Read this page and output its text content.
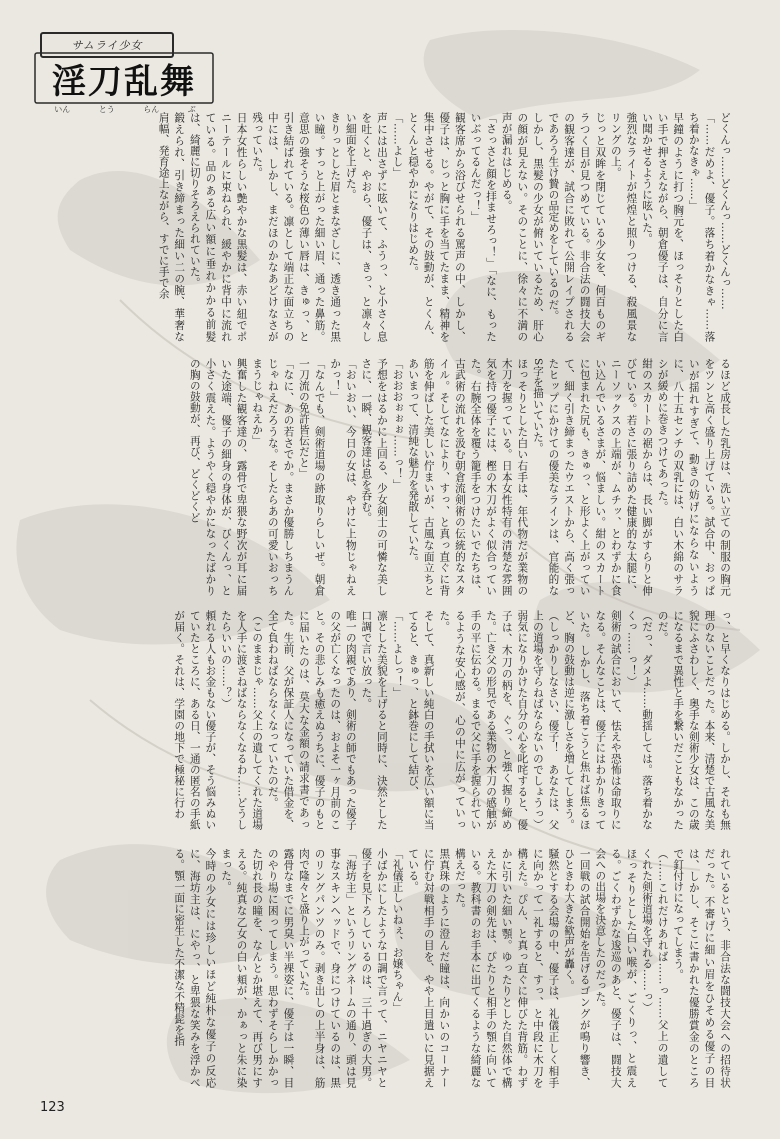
サムライ少女
淫刀乱舞
いん	とう	らん	ぶ

どくんっ……どくんっ……どくんっ……
「……だめよ、優子。落ち着かなきゃ……落ち着かなきゃ……」
早鐘のように打つ胸元を、ほっそりとした白い手で押さえながら、朝倉優子は、自分に言い聞かせるように呟いた。
強烈なライトが煌煌と照りつける、殺風景なリングの上。
じっと双眸を閉じている少女を、何百ものギラつく目が見つめている。非合法の闘技大会の観客達が、試合に敗れて公開レイプされるであろう生け贄の品定めをしているのだ。
しかし、黒髪の少女が俯いているため、肝心の顔が見えない。そのことに、徐々に不満の声が漏れはじめる。
「さっさと顔を拝ませろっ！」「なに、もったいぶってるんだっ！」
観客席から浴びせられる罵声の中、しかし、優子は、じっと胸に手を当てたまま、精神を集中させる。やがて、その鼓動が、とくん、とくんと穏やかになりはじめた。
「……よし」
声には出さずに呟いて、ふうっ、と小さく息を吐くと、やおら、優子は、きっ、と凛々しい細面を上げた。
きりっとした眉とまなざしに、透き通った黒い瞳。すっと上がった細い眉、通った鼻筋。意思の強そうな桜色の薄い唇は、きゅっ、と引き結ばれている。凛として端正な面立ちの中には、しかし、まだほのかなあどけなさが残っていた。
日本女性らしい艶やかな黒髪は、赤い紐でポニーテールに束ねられ、緩やかに背中に流れている。品のある広い額に垂れかかる前髪は、綺麗に切りそろえられていた。
鍛えられ、引き締まった細い二の腕、華奢な肩幅、発育途上ながら、すでに手で余

るほど成長した乳房は、洗い立ての制服の胸元をツンと高く盛り上げている。試合中、おっぱいが揺れすぎて、動きの妨げにならないように、八十五センチの双乳には、白い木綿のサラシが緩めに巻きつけてあった。
紺のスカートの裾からは、長い脚がすらりと伸びている。若さに張り詰めた健康的な太腿に、ニーソックスの上端が、ムチッ、とわずかに食い込んでいるさまが、悩ましい。紺のスカートに包まれた尻も、きゅっ、と形よく上がっていて、細く引き締まったウエストから、高く張ったヒップにかけての優美なラインは、官能的なS字を描いていた。
ほっそりとした白い右手は、年代物だが業物の木刀を握っている。日本女性特有の清楚な雰囲気を持つ優子には、樫の木刀がよく似合っていた。右腕全体を覆う籠手をつけたいでたちは、古武術の流れを汲む朝倉流剣術の伝統的なスタイル。そしてなにより、すっ、と真っ直ぐに背筋を伸ばした美しい佇まいが、古風な面立ちとあいまって、清純な魅力を発散していた。
「おおおぉぉぉ……っ！」
予想をはるかに上回る、少女剣士の可憐な美しさに、一瞬、観客達は息を呑む。
「おいおい、今日の女は、やけに上物じゃねえかっ！」
「なんでも、剣術道場の跡取りらしいぜ。朝倉一刀流の免許皆伝だと」
「なに、あの若さでか。まさか優勝しちまうんじゃねえだろうな。そしたらあの可愛いおっちまうじゃねえか」
興奮した観客達の、露骨で卑猥な野次が耳に届いた途端、優子の細身の身体が、びくんっ、と小さく震えた。ようやく穏やかになったばかりの胸の鼓動が、再び、どくどくど

っ、と早くなりはじめる。しかし、それも無理のないことだった。本来、清楚で古風な美貌にふさわしく、奥手な剣術少女は、この歳になるまで異性と手を繋いだこともなかったのだ。
（だっ、ダメよ……動揺しては。落ち着かなくっ……っ！）
剣術の試合において、怯えや恐怖は命取りになる。そんなことは、優子にはわかりきっていた。しかし、落ち着こうと焦れば焦るほど、胸の鼓動は逆に激しさを増してしまう。
（しっかりしなさい、優子！　あなたは、父上の道場を守らねばならないのでしょうっ）
弱気になりかけた自分の心を叱咤すると、優子は、木刀の柄を、ぐっ、と強く握り締めた。亡き父の形見である業物の木刀の感触が手の平に伝わる。まるで父に手を握られているような安心感が、心の中に広がっていった。
そして、真新しい純白の手拭いを広い額に当てると、きゅっ、と鉢巻にして結び、
「……よしっ！」
凛とした美貌を上げると同時に、決然とした口調で言い放った。
唯一の肉親であり、剣術の師でもあった優子の父が亡くなったのは、およそ一ヶ月前のこと。その悲しみも癒えぬうちに、優子のもとに届いたのは、莫大な金額の請求書であった。生前、父が保証人になっていた借金を、全て負わねばならなくなっていたのだ。
（このままじゃ……父上の遺してくれた道場を人手に渡さねばならなくなるわ……どうしたらいいの……？）
頼れる人もお金もない優子が、そう悩みぬいていたところに、ある日、一通の匿名の手紙が届く。それは、学園の地下で極秘に行わ

れているという、非合法な闘技大会への招待状だった。不審げに細い眉をひそめる優子の目は、しかし、そこに書かれた優勝賞金のところで釘付けになってしまう。
（……これだけあれば……っ……父上の遺してくれた剣術道場を守れる……っ）
ほっそりとした白い喉が、ごくりっ、と震える。ごくわずかな逡巡のあと、優子は、闘技大会への出場を決意したのだった。
一回戦の試合開始を告げるゴングが鳴り響き、ひときわ大きな歓声が轟く。
騒然とする会場の中、優子は、礼儀正しく相手に向かって一礼すると、すっ、と中段に木刀を構えた。ぴん、と真っ直ぐに伸びた背筋。わずかに引いた細い顎。ゆったりとした自然体で構えた木刀の剣先は、ぴたりと相手の顎に向いている。教科書のお手本に出てくるような綺麗な構えだった。
黒真珠のように澄んだ瞳は、向かいのコーナーに佇む対戦相手の目を、やや上目遣いに見据えている。
「礼儀正しいねぇ、お嬢ちゃん」
小ばかにしたような口調で言って、ニヤニヤと優子を見下ろしているのは、三十過ぎの大男。「海坊主」というリングネームの通り、頭は見事なスキンヘッドで、身につけているのは、黒のリングパンツのみ。剥き出しの上半身は、筋肉で隆々と盛り上がっていた。
露骨なまでに男臭い半裸姿に、優子は一瞬、目のやり場に困ってしまう。思わずそらしかかった切れ長の瞳を、なんとか堪えて、再び男にすえる。純真な乙女の白い頬が、かぁっと朱に染まった。
今時の少女には珍しいほど純朴な優子の反応に、海坊主は、にやっ、と卑猥な笑みを浮かべる。顎一面に密生した不潔な不精髭を指

123
